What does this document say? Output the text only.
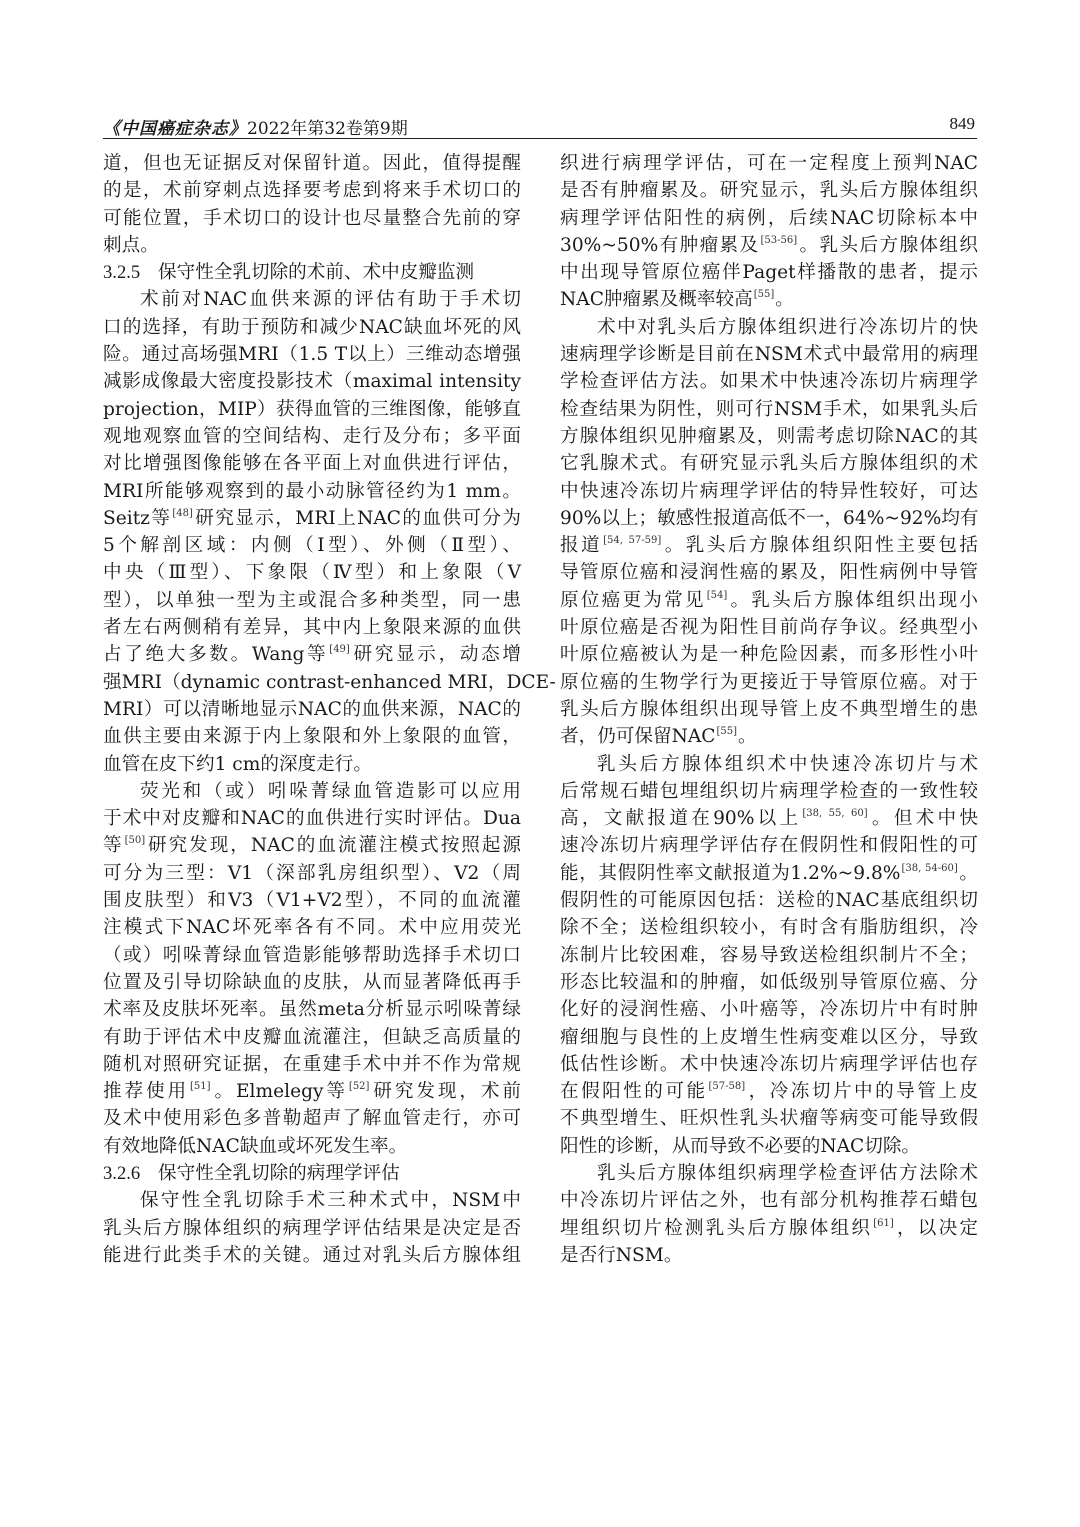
《中国癌症杂志》2022年第32卷第9期	849
道，但也无证据反对保留针道。因此，值得提醒
的是，术前穿刺点选择要考虑到将来手术切口的
可能位置，手术切口的设计也尽量整合先前的穿
刺点。
3.2.5 保守性全乳切除的术前、术中皮瓣监测
术前对NAC血供来源的评估有助于手术切
口的选择，有助于预防和减少NAC缺血坏死的风
险。通过高场强MRI（1.5 T以上）三维动态增强
减影成像最大密度投影技术（maximal intensity
projection，MIP）获得血管的三维图像，能够直
观地观察血管的空间结构、走行及分布；多平面
对比增强图像能够在各平面上对血供进行评估，
MRI所能够观察到的最小动脉管径约为1 mm。
Seitz等[48]研究显示，MRI上NAC的血供可分为
5个解剖区域：内侧（Ⅰ型）、外侧（Ⅱ型）、
中央（Ⅲ型）、下象限（Ⅳ型）和上象限（Ⅴ
型），以单独一型为主或混合多种类型，同一患
者左右两侧稍有差异，其中内上象限来源的血供
占了绝大多数。Wang等[49]研究显示，动态增
强MRI（dynamic contrast-enhanced MRI，DCE-
MRI）可以清晰地显示NAC的血供来源，NAC的
血供主要由来源于内上象限和外上象限的血管，
血管在皮下约1 cm的深度走行。
荧光和（或）吲哚菁绿血管造影可以应用
于术中对皮瓣和NAC的血供进行实时评估。Dua
等[50]研究发现，NAC的血流灌注模式按照起源
可分为三型：V1（深部乳房组织型）、V2（周
围皮肤型）和V3（V1+V2型），不同的血流灌
注模式下NAC坏死率各有不同。术中应用荧光
（或）吲哚菁绿血管造影能够帮助选择手术切口
位置及引导切除缺血的皮肤，从而显著降低再手
术率及皮肤坏死率。虽然meta分析显示吲哚菁绿
有助于评估术中皮瓣血流灌注，但缺乏高质量的
随机对照研究证据，在重建手术中并不作为常规
推荐使用[51]。Elmelegy等[52]研究发现，术前
及术中使用彩色多普勒超声了解血管走行，亦可
有效地降低NAC缺血或坏死发生率。
3.2.6 保守性全乳切除的病理学评估
保守性全乳切除手术三种术式中，NSM中
乳头后方腺体组织的病理学评估结果是决定是否
能进行此类手术的关键。通过对乳头后方腺体组
织进行病理学评估，可在一定程度上预判NAC
是否有肿瘤累及。研究显示，乳头后方腺体组织
病理学评估阳性的病例，后续NAC切除标本中
30%~50%有肿瘤累及[53-56]。乳头后方腺体组织
中出现导管原位癌伴Paget样播散的患者，提示
NAC肿瘤累及概率较高[55]。
术中对乳头后方腺体组织进行冷冻切片的快
速病理学诊断是目前在NSM术式中最常用的病理
学检查评估方法。如果术中快速冷冻切片病理学
检查结果为阴性，则可行NSM手术，如果乳头后
方腺体组织见肿瘤累及，则需考虑切除NAC的其
它乳腺术式。有研究显示乳头后方腺体组织的术
中快速冷冻切片病理学评估的特异性较好，可达
90%以上；敏感性报道高低不一，64%~92%均有
报道[54, 57-59]。乳头后方腺体组织阳性主要包括
导管原位癌和浸润性癌的累及，阳性病例中导管
原位癌更为常见[54]。乳头后方腺体组织出现小
叶原位癌是否视为阳性目前尚存争议。经典型小
叶原位癌被认为是一种危险因素，而多形性小叶
原位癌的生物学行为更接近于导管原位癌。对于
乳头后方腺体组织出现导管上皮不典型增生的患
者，仍可保留NAC[55]。
乳头后方腺体组织术中快速冷冻切片与术
后常规石蜡包埋组织切片病理学检查的一致性较
高，文献报道在90%以上[38, 55, 60]。但术中快
速冷冻切片病理学评估存在假阴性和假阳性的可
能，其假阴性率文献报道为1.2%~9.8%[38, 54-60]。
假阴性的可能原因包括：送检的NAC基底组织切
除不全；送检组织较小，有时含有脂肪组织，冷
冻制片比较困难，容易导致送检组织制片不全；
形态比较温和的肿瘤，如低级别导管原位癌、分
化好的浸润性癌、小叶癌等，冷冻切片中有时肿
瘤细胞与良性的上皮增生性病变难以区分，导致
低估性诊断。术中快速冷冻切片病理学评估也存
在假阳性的可能[57-58]，冷冻切片中的导管上皮
不典型增生、旺炽性乳头状瘤等病变可能导致假
阳性的诊断，从而导致不必要的NAC切除。
乳头后方腺体组织病理学检查评估方法除术
中冷冻切片评估之外，也有部分机构推荐石蜡包
埋组织切片检测乳头后方腺体组织[61]，以决定
是否行NSM。
